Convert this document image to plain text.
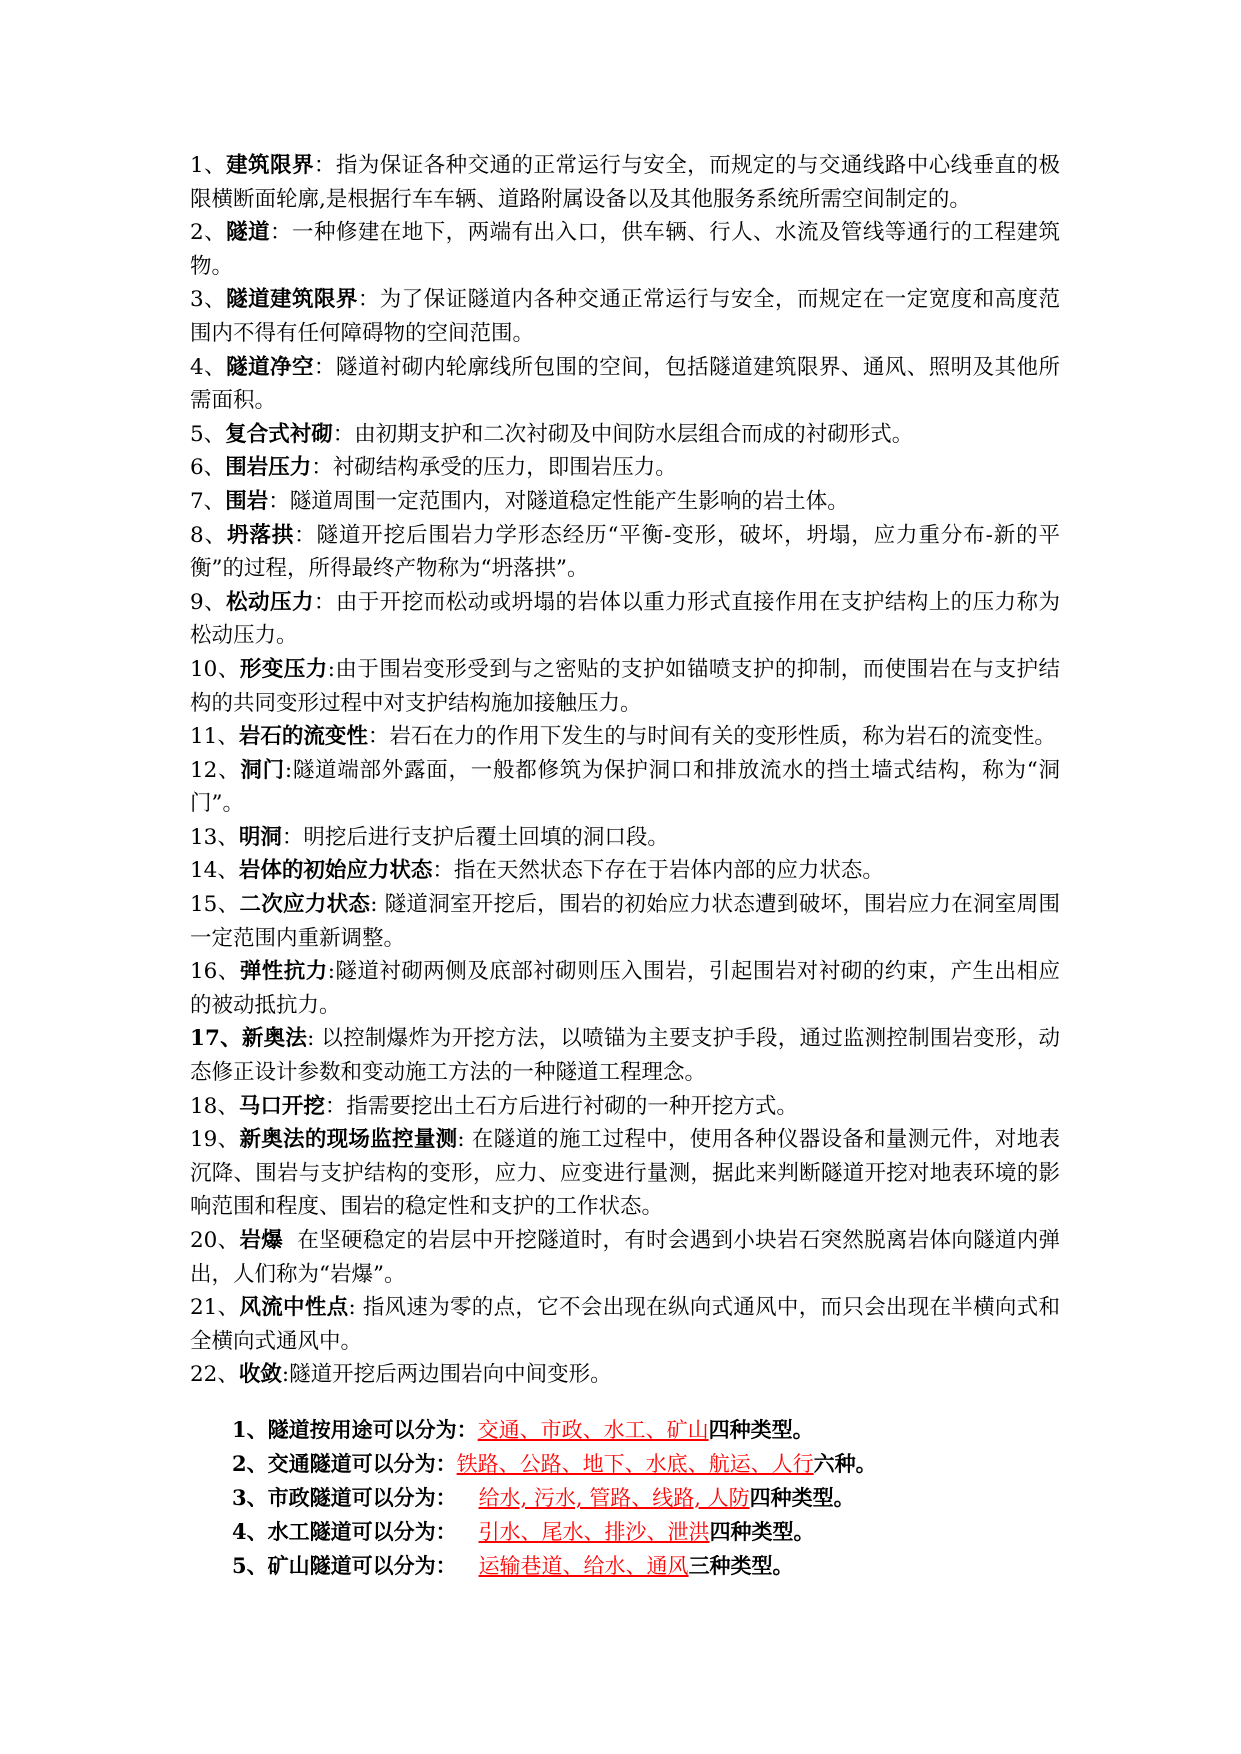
1、建筑限界：指为保证各种交通的正常运行与安全，而规定的与交通线路中心线垂直的极限横断面轮廓,是根据行车车辆、道路附属设备以及其他服务系统所需空间制定的。

2、隧道：一种修建在地下，两端有出入口，供车辆、行人、水流及管线等通行的工程建筑物。

3、隧道建筑限界：为了保证隧道内各种交通正常运行与安全，而规定在一定宽度和高度范围内不得有任何障碍物的空间范围。

4、隧道净空：隧道衬砌内轮廓线所包围的空间，包括隧道建筑限界、通风、照明及其他所需面积。

5、复合式衬砌：由初期支护和二次衬砌及中间防水层组合而成的衬砌形式。

6、围岩压力：衬砌结构承受的压力，即围岩压力。

7、围岩：隧道周围一定范围内，对隧道稳定性能产生影响的岩土体。

8、坍落拱：隧道开挖后围岩力学形态经历“平衡-变形，破坏，坍塌，应力重分布-新的平衡”的过程，所得最终产物称为“坍落拱”。

9、松动压力：由于开挖而松动或坍塌的岩体以重力形式直接作用在支护结构上的压力称为松动压力。

10、形变压力:由于围岩变形受到与之密贴的支护如锚喷支护的抑制，而使围岩在与支护结构的共同变形过程中对支护结构施加接触压力。

11、岩石的流变性：岩石在力的作用下发生的与时间有关的变形性质，称为岩石的流变性。

12、洞门:隧道端部外露面，一般都修筑为保护洞口和排放流水的挡土墙式结构，称为“洞门”。

13、明洞：明挖后进行支护后覆土回填的洞口段。

14、岩体的初始应力状态：指在天然状态下存在于岩体内部的应力状态。

15、二次应力状态: 隧道洞室开挖后，围岩的初始应力状态遭到破坏，围岩应力在洞室周围一定范围内重新调整。

16、弹性抗力:隧道衬砌两侧及底部衬砌则压入围岩，引起围岩对衬砌的约束，产生出相应的被动抵抗力。

17、新奥法: 以控制爆炸为开挖方法，以喷锚为主要支护手段，通过监测控制围岩变形，动态修正设计参数和变动施工方法的一种隧道工程理念。

18、马口开挖：指需要挖出土石方后进行衬砌的一种开挖方式。

19、新奥法的现场监控量测: 在隧道的施工过程中，使用各种仪器设备和量测元件，对地表沉降、围岩与支护结构的变形，应力、应变进行量测，据此来判断隧道开挖对地表环境的影响范围和程度、围岩的稳定性和支护的工作状态。

20、岩爆 在坚硬稳定的岩层中开挖隧道时，有时会遇到小块岩石突然脱离岩体向隧道内弹出，人们称为“岩爆”。

21、风流中性点: 指风速为零的点，它不会出现在纵向式通风中，而只会出现在半横向式和全横向式通风中。

22、收敛:隧道开挖后两边围岩向中间变形。

1、隧道按用途可以分为：交通、市政、水工、矿山四种类型。

2、交通隧道可以分为：铁路、公路、地下、水底、航运、人行六种。

3、市政隧道可以分为：   给水, 污水, 管路、线路, 人防四种类型。

4、水工隧道可以分为：   引水、尾水、排沙、泄洪四种类型。

5、矿山隧道可以分为：   运输巷道、给水、通风三种类型。
